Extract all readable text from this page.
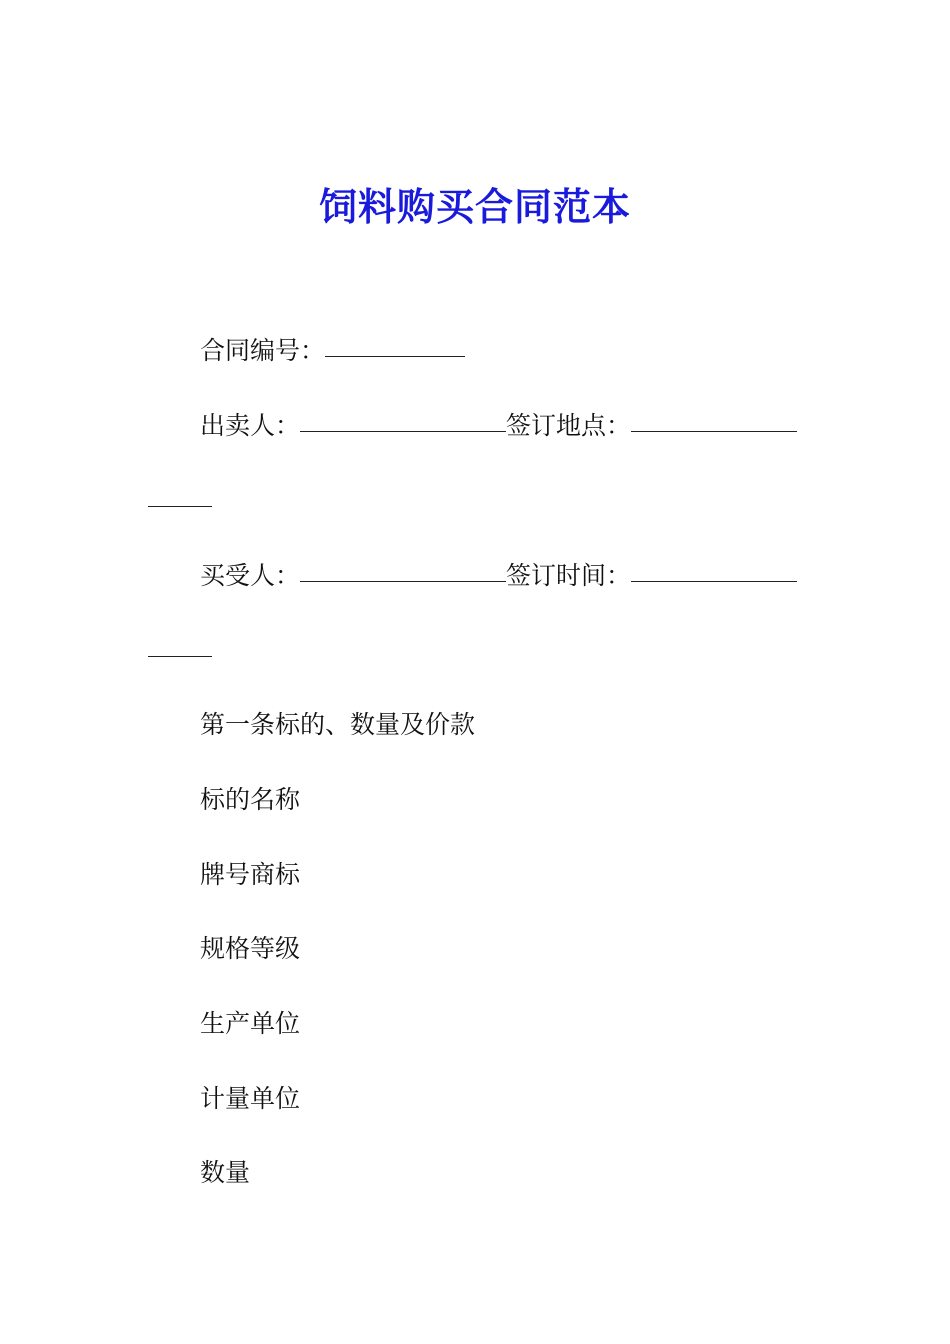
饲料购买合同范本
合同编号：
出卖人：	签订地点：
买受人：	签订时间：
第一条标的、数量及价款
标的名称
牌号商标
规格等级
生产单位
计量单位
数量
